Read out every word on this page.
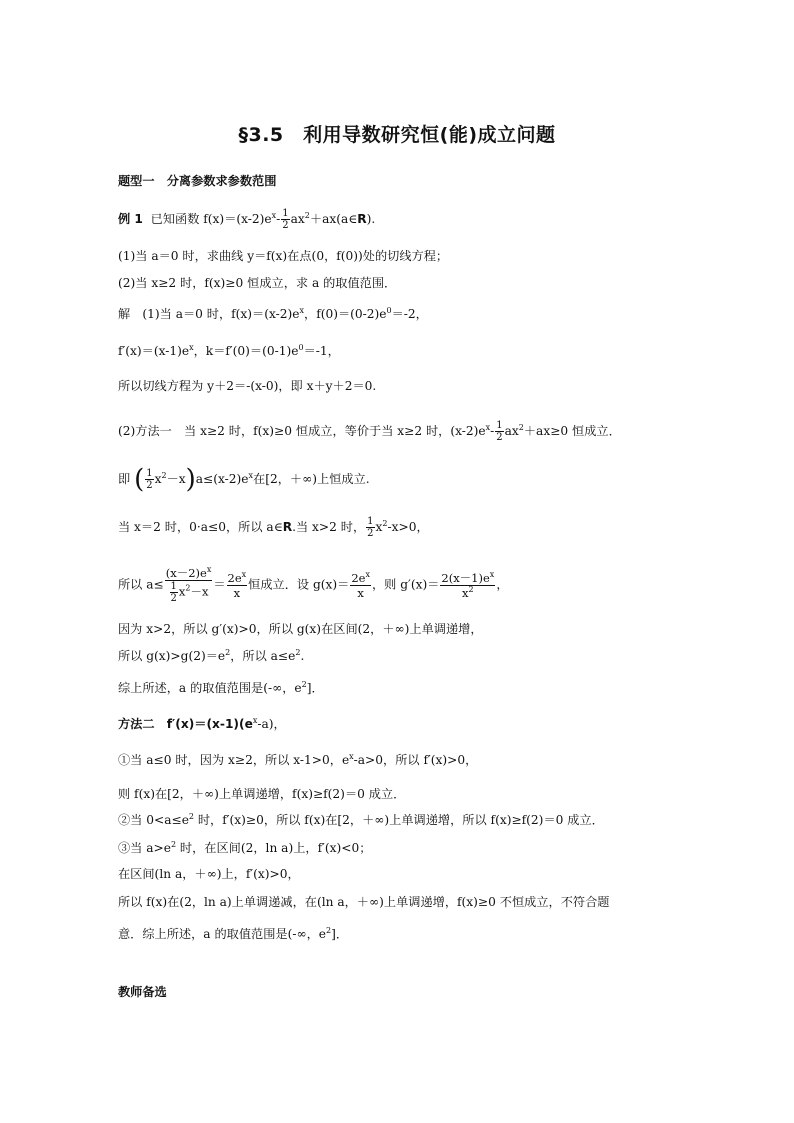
§3.5　利用导数研究恒(能)成立问题
题型一　分离参数求参数范围
例 1 已知函数 $f(x)=(x-2)e^x- \frac{1}{2}$ $ax^2+ax(a\in R)$.
(1)当 a＝0 时，求曲线 y＝f(x)在点(0，f(0))处的切线方程；
(2)当 x≥2 时，f(x)≥0 恒成立，求 a 的取值范围．
解　(1)当 a＝0 时，$f(x)=(x-2)e^x$，$f(0)=(0-2)e^0=-2$，
$f'(x)=(x-1)e^x$，$k=f'(0)=(0-1)e^0=-1$，
所以切线方程为 y＋2＝-(x-0)，即 x＋y＋2＝0.
(2)方法一　当 x≥2 时，f(x)≥0 恒成立，等价于当 x≥2 时，$(x-2)e^x- \frac{1}{2} ax^2+ax\ge 0$ 恒成立．
即 ( $\frac{1}{2} x^2-x)a\le(x-2)e^x$在[2，＋∞)上恒成立.
当 x＝2 时，0·a≤0，所以 a∈R.当 x>2 时， $\frac{1}{2} x^2-x>0$，
所以 $a\le \frac{(x-2)e^x}{\frac{1}{2} x^2-x} = \frac{2e^x}{x}$ 恒成立．设 $g(x)= \frac{2e^x}{x}$ ，则 $g'(x)= \frac{2(x-1)e^x}{x^2}$ ，
因为 x>2，所以 g′(x)>0，所以 g(x)在区间(2，＋∞)上单调递增，
所以 $g(x)>g(2)=e^2$，所以 $a\le e^2$.
综上所述，a 的取值范围是(-∞，$e^2$]．
方法二　$f'(x)=(x-1)(e^x-a)$，
①当 a≤0 时，因为 x≥2，所以 x-1>0，$e^x-a>0$，所以 f′(x)>0，
则 f(x)在[2，＋∞)上单调递增，f(x)≥f(2)＝0 成立．
②当 $0<a\le e^2$ 时，f′(x)≥0，所以 f(x)在[2，＋∞)上单调递增，所以 f(x)≥f(2)＝0 成立．
③当 $a>e^2$ 时，在区间(2，ln a)上，f′(x)<0；
在区间(ln a，＋∞)上，f′(x)>0，
所以 f(x)在(2，ln a)上单调递减，在(ln a，＋∞)上单调递增，f(x)≥0 不恒成立，不符合题
意．综上所述，a 的取值范围是(-∞，$e^2$]．
教师备选
